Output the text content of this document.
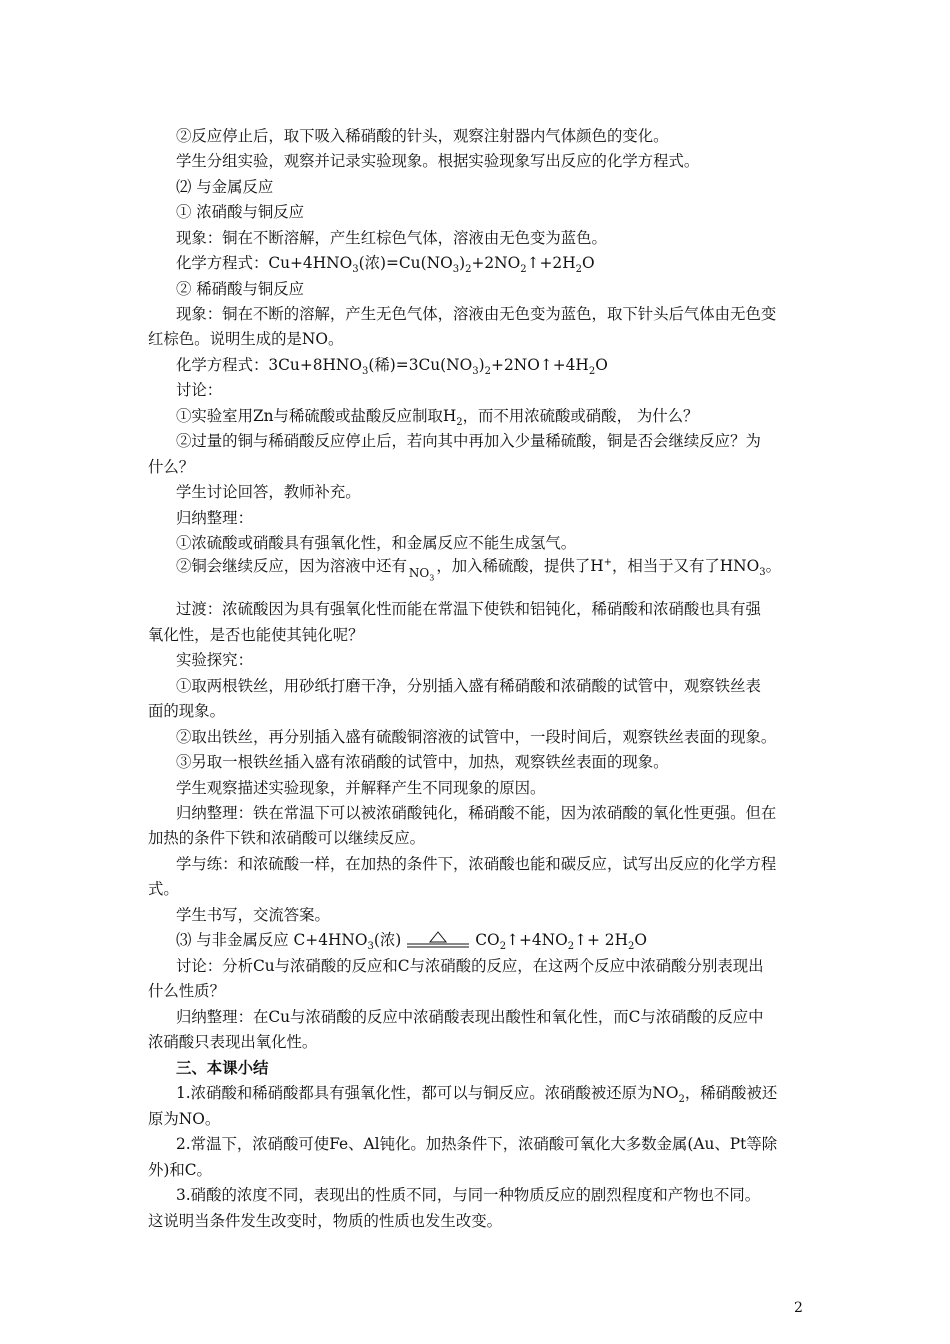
②反应停止后，取下吸入稀硝酸的针头，观察注射器内气体颜色的变化。
学生分组实验，观察并记录实验现象。根据实验现象写出反应的化学方程式。
⑵ 与金属反应
① 浓硝酸与铜反应
现象：铜在不断溶解，产生红棕色气体，溶液由无色变为蓝色。
化学方程式：$Cu+4HNO_3$(浓)$=Cu(NO_3)_2+2NO_2↑+2H_2O$
② 稀硝酸与铜反应
现象：铜在不断的溶解，产生无色气体，溶液由无色变为蓝色，取下针头后气体由无色变
红棕色。说明生成的是NO。
化学方程式：$3Cu+8HNO_3$(稀)$=3Cu(NO_3)_2+2NO↑+4H_2O$
讨论：
①实验室用Zn与稀硫酸或盐酸反应制取$H_2$，而不用浓硫酸或硝酸， 为什么？
②过量的铜与稀硝酸反应停止后，若向其中再加入少量稀硫酸，铜是否会继续反应？为
什么？
学生讨论回答，教师补充。
归纳整理：
①浓硫酸或硝酸具有强氧化性，和金属反应不能生成氢气。
②铜会继续反应，因为溶液中还有 $NO_3$，加入稀硫酸，提供了H+，相当于又有了$HNO_3$。
过渡：浓硫酸因为具有强氧化性而能在常温下使铁和铝钝化，稀硝酸和浓硝酸也具有强
氧化性，是否也能使其钝化呢？
实验探究：
①取两根铁丝，用砂纸打磨干净，分别插入盛有稀硝酸和浓硝酸的试管中，观察铁丝表
面的现象。
②取出铁丝，再分别插入盛有硫酸铜溶液的试管中，一段时间后，观察铁丝表面的现象。
③另取一根铁丝插入盛有浓硝酸的试管中，加热，观察铁丝表面的现象。
学生观察描述实验现象，并解释产生不同现象的原因。
归纳整理：铁在常温下可以被浓硝酸钝化，稀硝酸不能，因为浓硝酸的氧化性更强。但在
加热的条件下铁和浓硝酸可以继续反应。
学与练：和浓硫酸一样，在加热的条件下，浓硝酸也能和碳反应，试写出反应的化学方程
式。
学生书写，交流答案。
⑶ 与非金属反应 $C+4HNO_3$(浓)	$CO_2↑+4NO_2↑+ 2H_2O$
讨论：分析Cu与浓硝酸的反应和C与浓硝酸的反应，在这两个反应中浓硝酸分别表现出
什么性质？
归纳整理：在Cu与浓硝酸的反应中浓硝酸表现出酸性和氧化性，而C与浓硝酸的反应中
浓硝酸只表现出氧化性。
三、本课小结
1.浓硝酸和稀硝酸都具有强氧化性，都可以与铜反应。浓硝酸被还原为$NO_2$，稀硝酸被还
原为NO。
2.常温下，浓硝酸可使Fe、Al钝化。加热条件下，浓硝酸可氧化大多数金属(Au、Pt等除
外)和C。
3.硝酸的浓度不同，表现出的性质不同，与同一种物质反应的剧烈程度和产物也不同。
这说明当条件发生改变时，物质的性质也发生改变。
2
